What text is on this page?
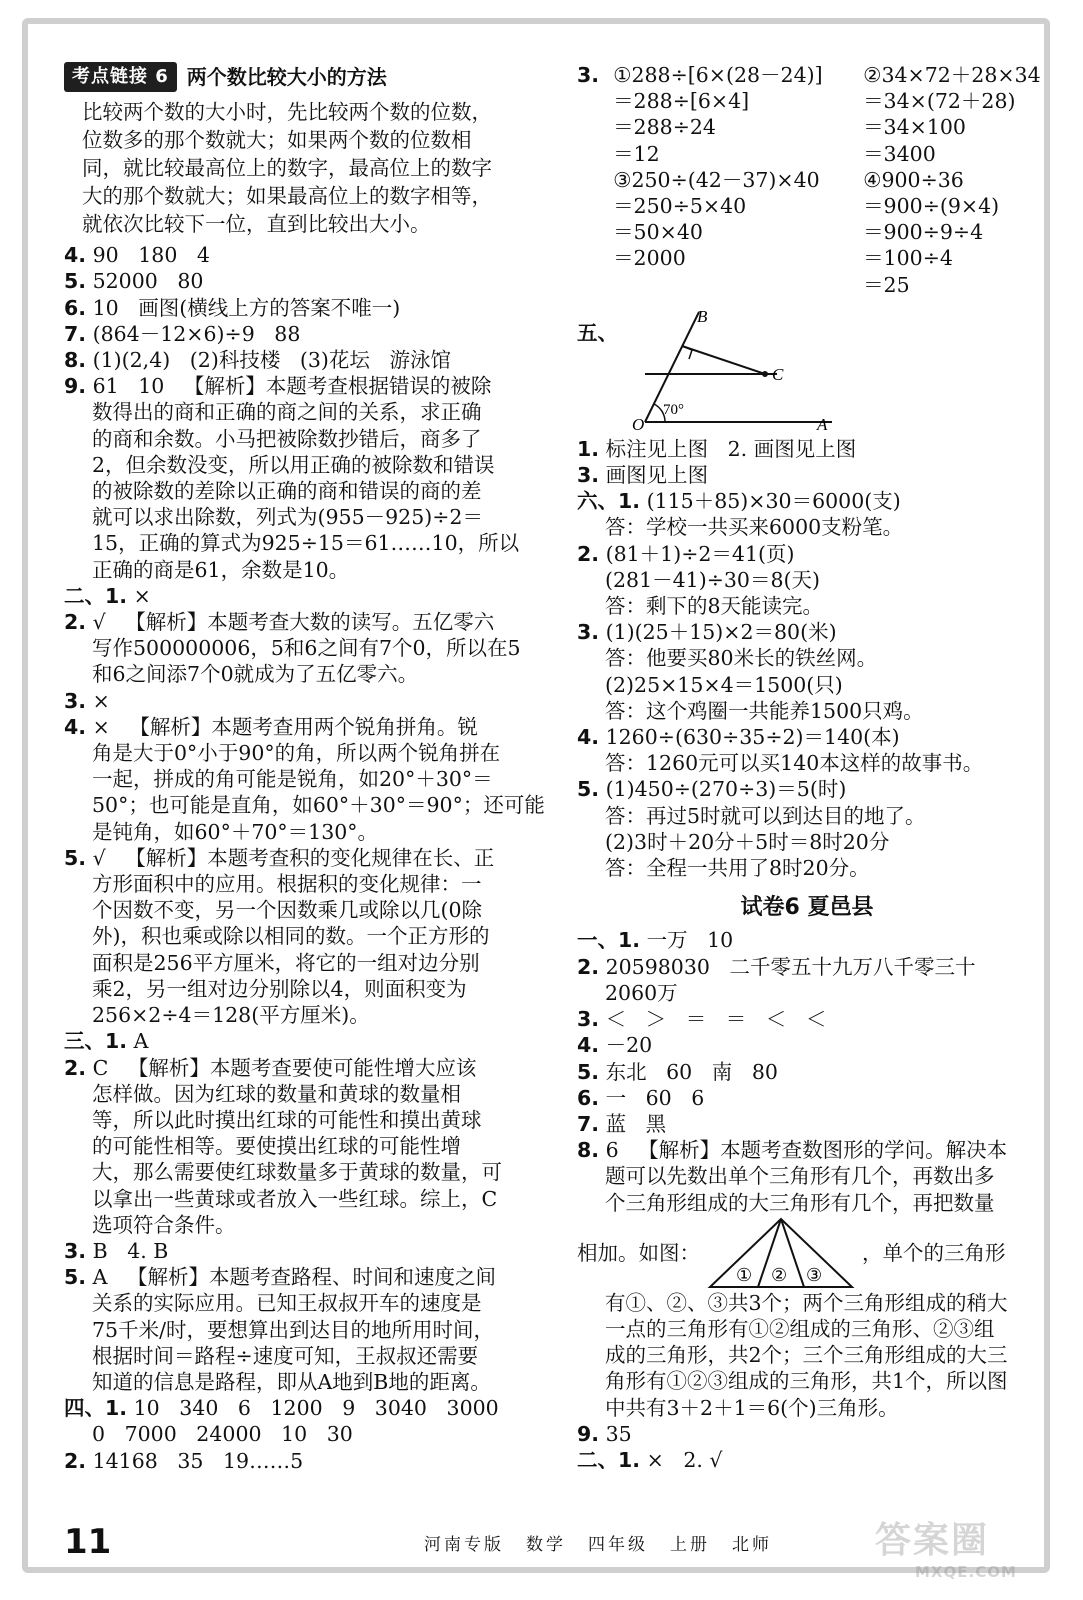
考点链接 6 两个数比较大小的方法
比较两个数的大小时，先比较两个数的位数，
位数多的那个数就大；如果两个数的位数相
同，就比较最高位上的数字，最高位上的数字
大的那个数就大；如果最高位上的数字相等，
就依次比较下一位，直到比较出大小。
4. 90   180   4
5. 52000   80
6. 10   画图(横线上方的答案不唯一)
7. (864－12×6)÷9   88
8. (1)(2,4)   (2)科技楼   (3)花坛   游泳馆
9. 61   10   【解析】本题考查根据错误的被除
数得出的商和正确的商之间的关系，求正确
的商和余数。小马把被除数抄错后，商多了
2，但余数没变，所以用正确的被除数和错误
的被除数的差除以正确的商和错误的商的差
就可以求出除数，列式为(955－925)÷2＝
15，正确的算式为925÷15＝61……10，所以
正确的商是61，余数是10。
二、1. ×
2. √   【解析】本题考查大数的读写。五亿零六
写作500000006，5和6之间有7个0，所以在5
和6之间添7个0就成为了五亿零六。
3. ×
4. ×   【解析】本题考查用两个锐角拼角。锐
角是大于0°小于90°的角，所以两个锐角拼在
一起，拼成的角可能是锐角，如20°＋30°＝
50°；也可能是直角，如60°＋30°＝90°；还可能
是钝角，如60°＋70°＝130°。
5. √   【解析】本题考查积的变化规律在长、正
方形面积中的应用。根据积的变化规律：一
个因数不变，另一个因数乘几或除以几(0除
外)，积也乘或除以相同的数。一个正方形的
面积是256平方厘米，将它的一组对边分别
乘2，另一组对边分别除以4，则面积变为
256×2÷4＝128(平方厘米)。
三、1. A
2. C   【解析】本题考查要使可能性增大应该
怎样做。因为红球的数量和黄球的数量相
等，所以此时摸出红球的可能性和摸出黄球
的可能性相等。要使摸出红球的可能性增
大，那么需要使红球数量多于黄球的数量，可
以拿出一些黄球或者放入一些红球。综上，C
选项符合条件。
3. B   4. B
5. A   【解析】本题考查路程、时间和速度之间
关系的实际应用。已知王叔叔开车的速度是
75千米/时，要想算出到达目的地所用时间，
根据时间＝路程÷速度可知，王叔叔还需要
知道的信息是路程，即从A地到B地的距离。
四、1. 10   340   6   1200   9   3040   3000
0   7000   24000   10   30
2. 14168   35   19……5
3. ①288÷[6×(28－24)]
＝288÷[6×4]
＝288÷24
＝12
②34×72＋28×34
＝34×(72＋28)
＝34×100
＝3400
③250÷(42－37)×40
＝250÷5×40
＝50×40
＝2000
④900÷36
＝900÷(9×4)
＝900÷9÷4
＝100÷4
＝25
五、
B
C
O	A
70°
1. 标注见上图   2. 画图见上图
3. 画图见上图
六、1. (115＋85)×30＝6000(支)
答：学校一共买来6000支粉笔。
2. (81＋1)÷2＝41(页)
(281－41)÷30＝8(天)
答：剩下的8天能读完。
3. (1)(25＋15)×2＝80(米)
答：他要买80米长的铁丝网。
(2)25×15×4＝1500(只)
答：这个鸡圈一共能养1500只鸡。
4. 1260÷(630÷35÷2)＝140(本)
答：1260元可以买140本这样的故事书。
5. (1)450÷(270÷3)＝5(时)
答：再过5时就可以到达目的地了。
(2)3时＋20分＋5时＝8时20分
答：全程一共用了8时20分。
试卷6 夏邑县
一、1. 一万   10
2. 20598030   二千零五十九万八千零三十
2060万
3. ＜   ＞   ＝   ＝   ＜   ＜
4. －20
5. 东北   60   南   80
6. 一   60   6
7. 蓝   黑
8. 6   【解析】本题考查数图形的学问。解决本
题可以先数出单个三角形有几个，再数出多
个三角形组成的大三角形有几个，再把数量
相加。如图：
① ② ③
，单个的三角形
有①、②、③共3个；两个三角形组成的稍大
一点的三角形有①②组成的三角形、②③组
成的三角形，共2个；三个三角形组成的大三
角形有①②③组成的三角形，共1个，所以图
中共有3＋2＋1＝6(个)三角形。
9. 35
二、1. ×   2. √
11	河南专版 数学 四年级 上册 北师	答案圈
MXQE.COM
